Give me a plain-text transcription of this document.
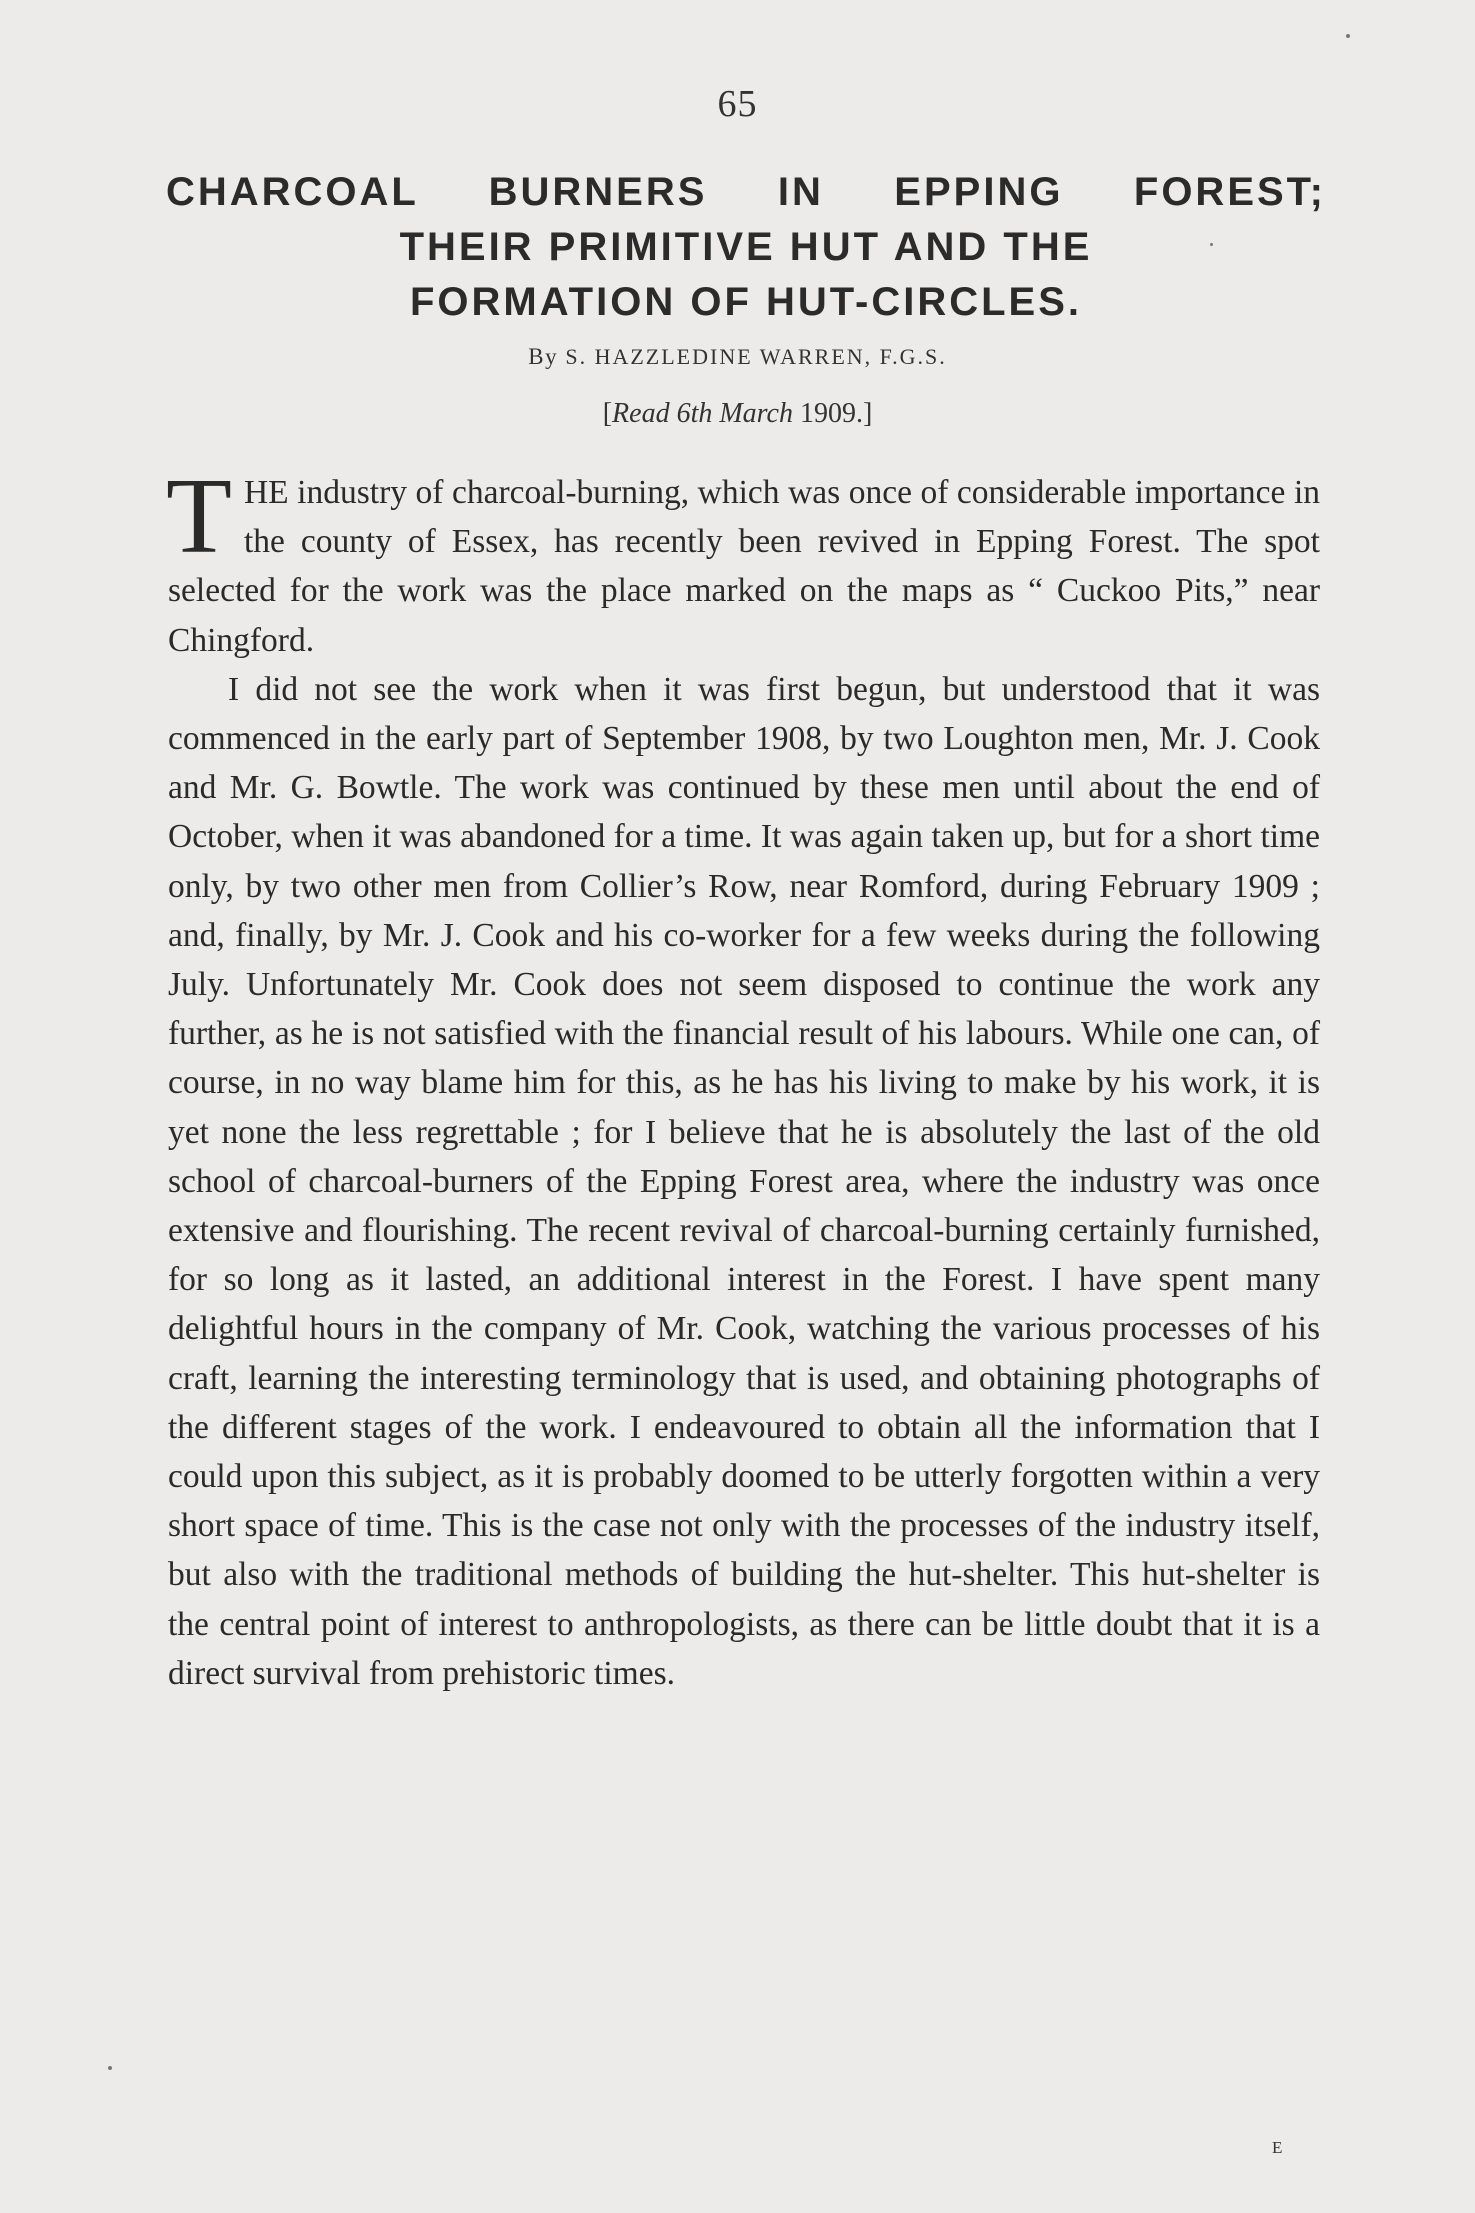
65
CHARCOAL BURNERS IN EPPING FOREST;
THEIR PRIMITIVE HUT AND THE
FORMATION OF HUT-CIRCLES.
By S. HAZZLEDINE WARREN, F.G.S.
[Read 6th March 1909.]

THE industry of charcoal-burning, which was once of considerable importance in the county of Essex, has recently been revived in Epping Forest. The spot selected for the work was the place marked on the maps as “ Cuckoo Pits,” near Chingford.

I did not see the work when it was first begun, but understood that it was commenced in the early part of September 1908, by two Loughton men, Mr. J. Cook and Mr. G. Bowtle. The work was continued by these men until about the end of October, when it was abandoned for a time. It was again taken up, but for a short time only, by two other men from Collier’s Row, near Romford, during February 1909 ; and, finally, by Mr. J. Cook and his co-worker for a few weeks during the following July. Unfortunately Mr. Cook does not seem disposed to continue the work any further, as he is not satisfied with the financial result of his labours. While one can, of course, in no way blame him for this, as he has his living to make by his work, it is yet none the less regrettable ; for I believe that he is absolutely the last of the old school of charcoal-burners of the Epping Forest area, where the industry was once extensive and flourishing. The recent revival of charcoal-burning certainly furnished, for so long as it lasted, an additional interest in the Forest. I have spent many delightful hours in the company of Mr. Cook, watching the various processes of his craft, learning the interesting terminology that is used, and obtaining photographs of the different stages of the work. I endeavoured to obtain all the information that I could upon this subject, as it is probably doomed to be utterly forgotten within a very short space of time. This is the case not only with the processes of the industry itself, but also with the traditional methods of building the hut-shelter. This hut-shelter is the central point of interest to anthropologists, as there can be little doubt that it is a direct survival from prehistoric times.

E
